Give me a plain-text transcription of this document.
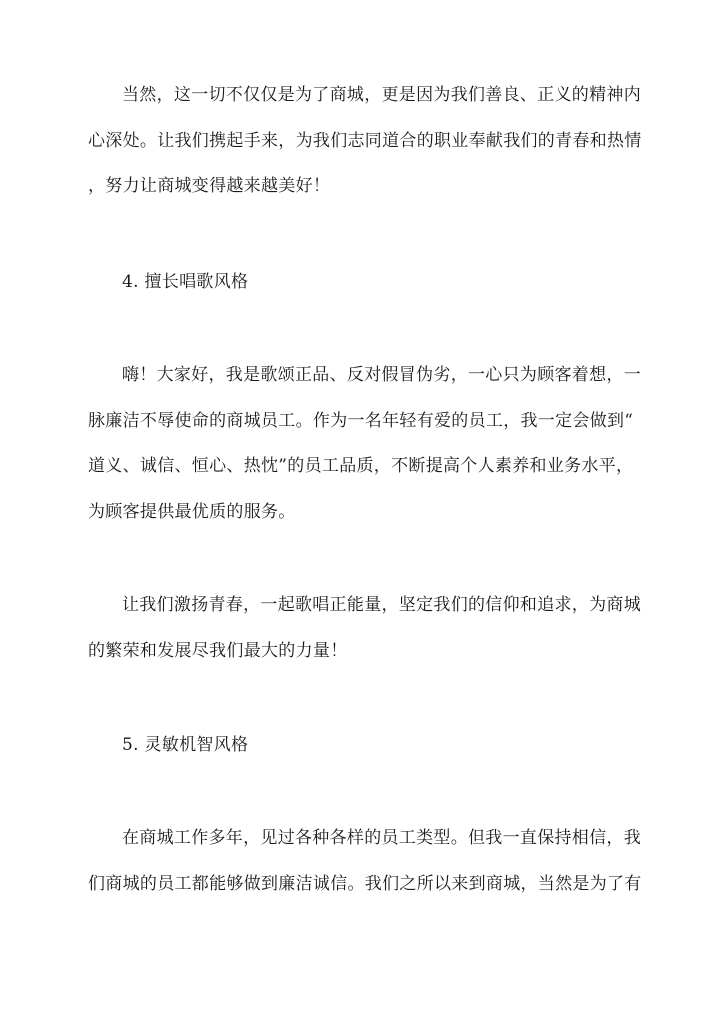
当然，这一切不仅仅是为了商城，更是因为我们善良、正义的精神内
心深处。让我们携起手来，为我们志同道合的职业奉献我们的青春和热情
，努力让商城变得越来越美好！

4. 擅长唱歌风格

嗨！大家好，我是歌颂正品、反对假冒伪劣，一心只为顾客着想，一
脉廉洁不辱使命的商城员工。作为一名年轻有爱的员工，我一定会做到“
道义、诚信、恒心、热忱”的员工品质，不断提高个人素养和业务水平，
为顾客提供最优质的服务。

让我们激扬青春，一起歌唱正能量，坚定我们的信仰和追求，为商城
的繁荣和发展尽我们最大的力量！

5. 灵敏机智风格

在商城工作多年，见过各种各样的员工类型。但我一直保持相信，我
们商城的员工都能够做到廉洁诚信。我们之所以来到商城，当然是为了有
